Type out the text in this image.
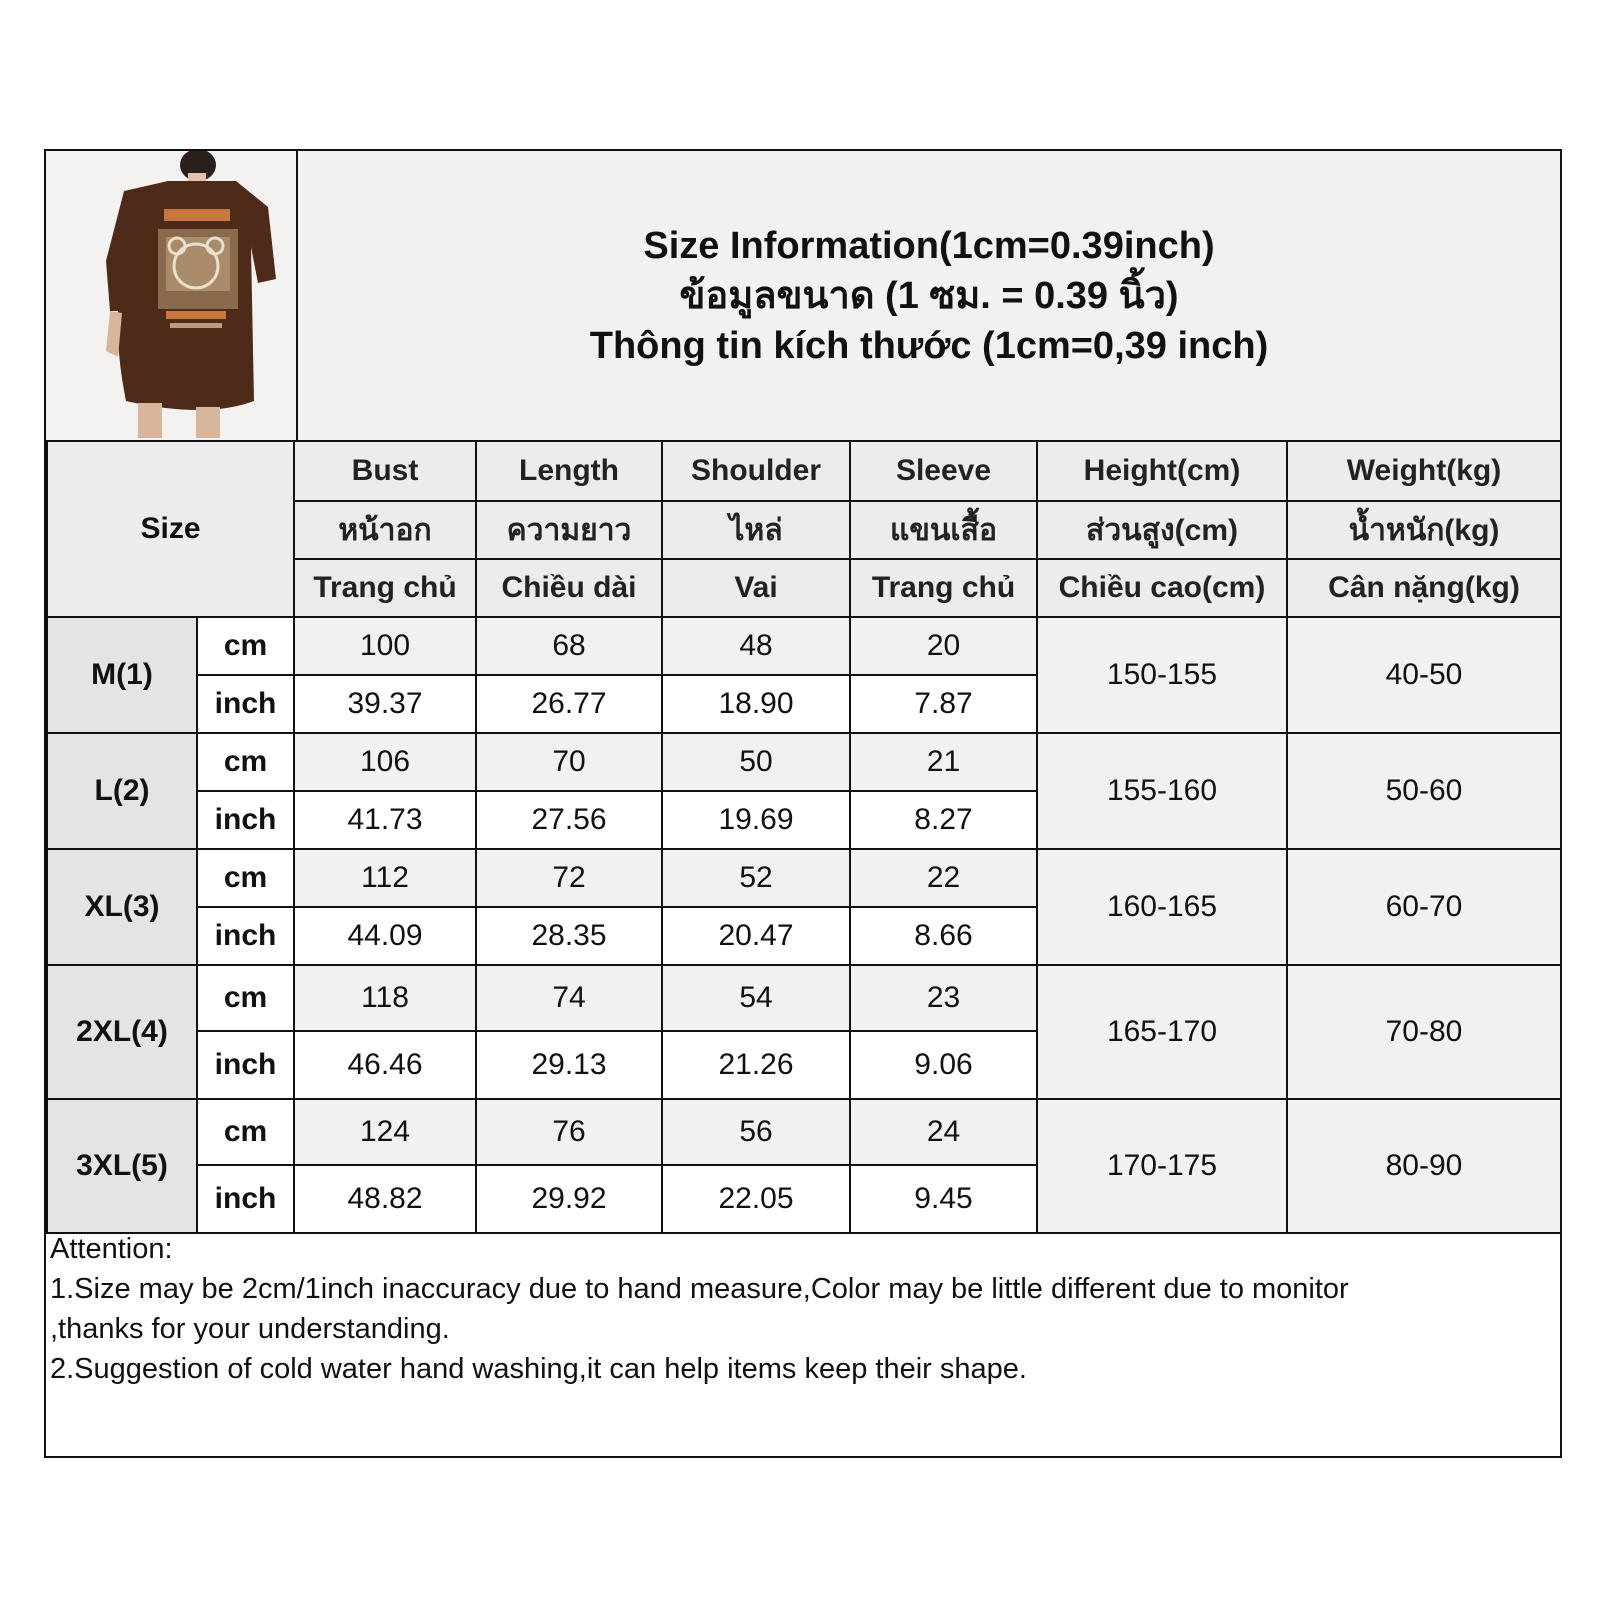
Size Information(1cm=0.39inch)
ข้อมูลขนาด (1 ซม. = 0.39 นิ้ว)
Thông tin kích thước (1cm=0,39 inch)
Size		Bust	Length	Shoulder	Sleeve	Height(cm)	Weight(kg)
		หน้าอก	ความยาว	ไหล่	แขนเสื้อ	ส่วนสูง(cm)	น้ำหนัก(kg)
		Trang chủ	Chiều dài	Vai	Trang chủ	Chiều cao(cm)	Cân nặng(kg)
M(1)	cm	100	68	48	20	150-155	40-50
	inch	39.37	26.77	18.90	7.87		
L(2)	cm	106	70	50	21	155-160	50-60
	inch	41.73	27.56	19.69	8.27		
XL(3)	cm	112	72	52	22	160-165	60-70
	inch	44.09	28.35	20.47	8.66		
2XL(4)	cm	118	74	54	23	165-170	70-80
	inch	46.46	29.13	21.26	9.06		
3XL(5)	cm	124	76	56	24	170-175	80-90
	inch	48.82	29.92	22.05	9.45		
Attention:
1.Size may be 2cm/1inch inaccuracy due to hand measure,Color may be little different due to monitor
,thanks for your understanding.
2.Suggestion of cold water hand washing,it can help items keep their shape.
